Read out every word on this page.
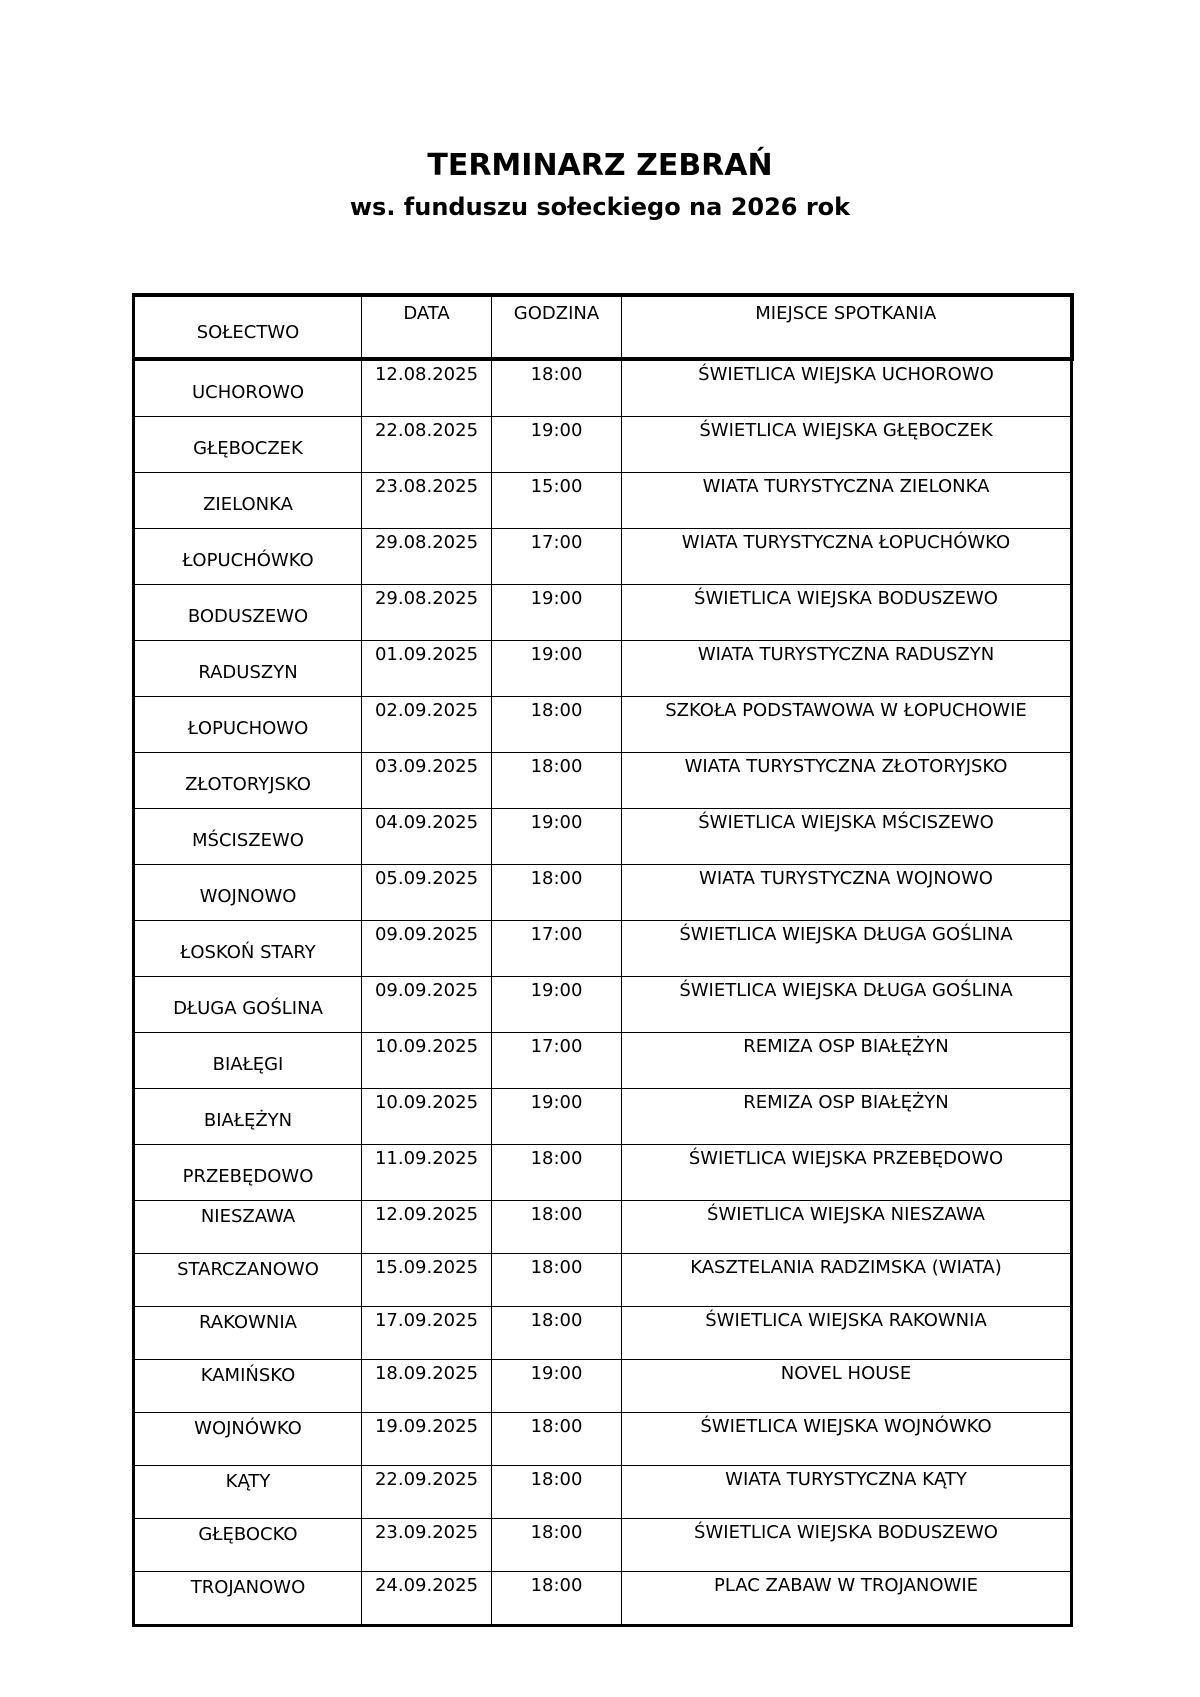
TERMINARZ ZEBRAŃ
ws. funduszu sołeckiego na 2026 rok
SOŁECTWO	DATA	GODZINA	MIEJSCE SPOTKANIA
UCHOROWO	12.08.2025	18:00	ŚWIETLICA WIEJSKA UCHOROWO
GŁĘBOCZEK	22.08.2025	19:00	ŚWIETLICA WIEJSKA GŁĘBOCZEK
ZIELONKA	23.08.2025	15:00	WIATA TURYSTYCZNA ZIELONKA
ŁOPUCHÓWKO	29.08.2025	17:00	WIATA TURYSTYCZNA ŁOPUCHÓWKO
BODUSZEWO	29.08.2025	19:00	ŚWIETLICA WIEJSKA BODUSZEWO
RADUSZYN	01.09.2025	19:00	WIATA TURYSTYCZNA RADUSZYN
ŁOPUCHOWO	02.09.2025	18:00	SZKOŁA PODSTAWOWA W ŁOPUCHOWIE
ZŁOTORYJSKO	03.09.2025	18:00	WIATA TURYSTYCZNA ZŁOTORYJSKO
MŚCISZEWO	04.09.2025	19:00	ŚWIETLICA WIEJSKA MŚCISZEWO
WOJNOWO	05.09.2025	18:00	WIATA TURYSTYCZNA WOJNOWO
ŁOSKOŃ STARY	09.09.2025	17:00	ŚWIETLICA WIEJSKA DŁUGA GOŚLINA
DŁUGA GOŚLINA	09.09.2025	19:00	ŚWIETLICA WIEJSKA DŁUGA GOŚLINA
BIAŁĘGI	10.09.2025	17:00	REMIZA OSP BIAŁĘŻYN
BIAŁĘŻYN	10.09.2025	19:00	REMIZA OSP BIAŁĘŻYN
PRZEBĘDOWO	11.09.2025	18:00	ŚWIETLICA WIEJSKA PRZEBĘDOWO
NIESZAWA	12.09.2025	18:00	ŚWIETLICA WIEJSKA NIESZAWA
STARCZANOWO	15.09.2025	18:00	KASZTELANIA RADZIMSKA (WIATA)
RAKOWNIA	17.09.2025	18:00	ŚWIETLICA WIEJSKA RAKOWNIA
KAMIŃSKO	18.09.2025	19:00	NOVEL HOUSE
WOJNÓWKO	19.09.2025	18:00	ŚWIETLICA WIEJSKA WOJNÓWKO
KĄTY	22.09.2025	18:00	WIATA TURYSTYCZNA KĄTY
GŁĘBOCKO	23.09.2025	18:00	ŚWIETLICA WIEJSKA BODUSZEWO
TROJANOWO	24.09.2025	18:00	PLAC ZABAW W TROJANOWIE
